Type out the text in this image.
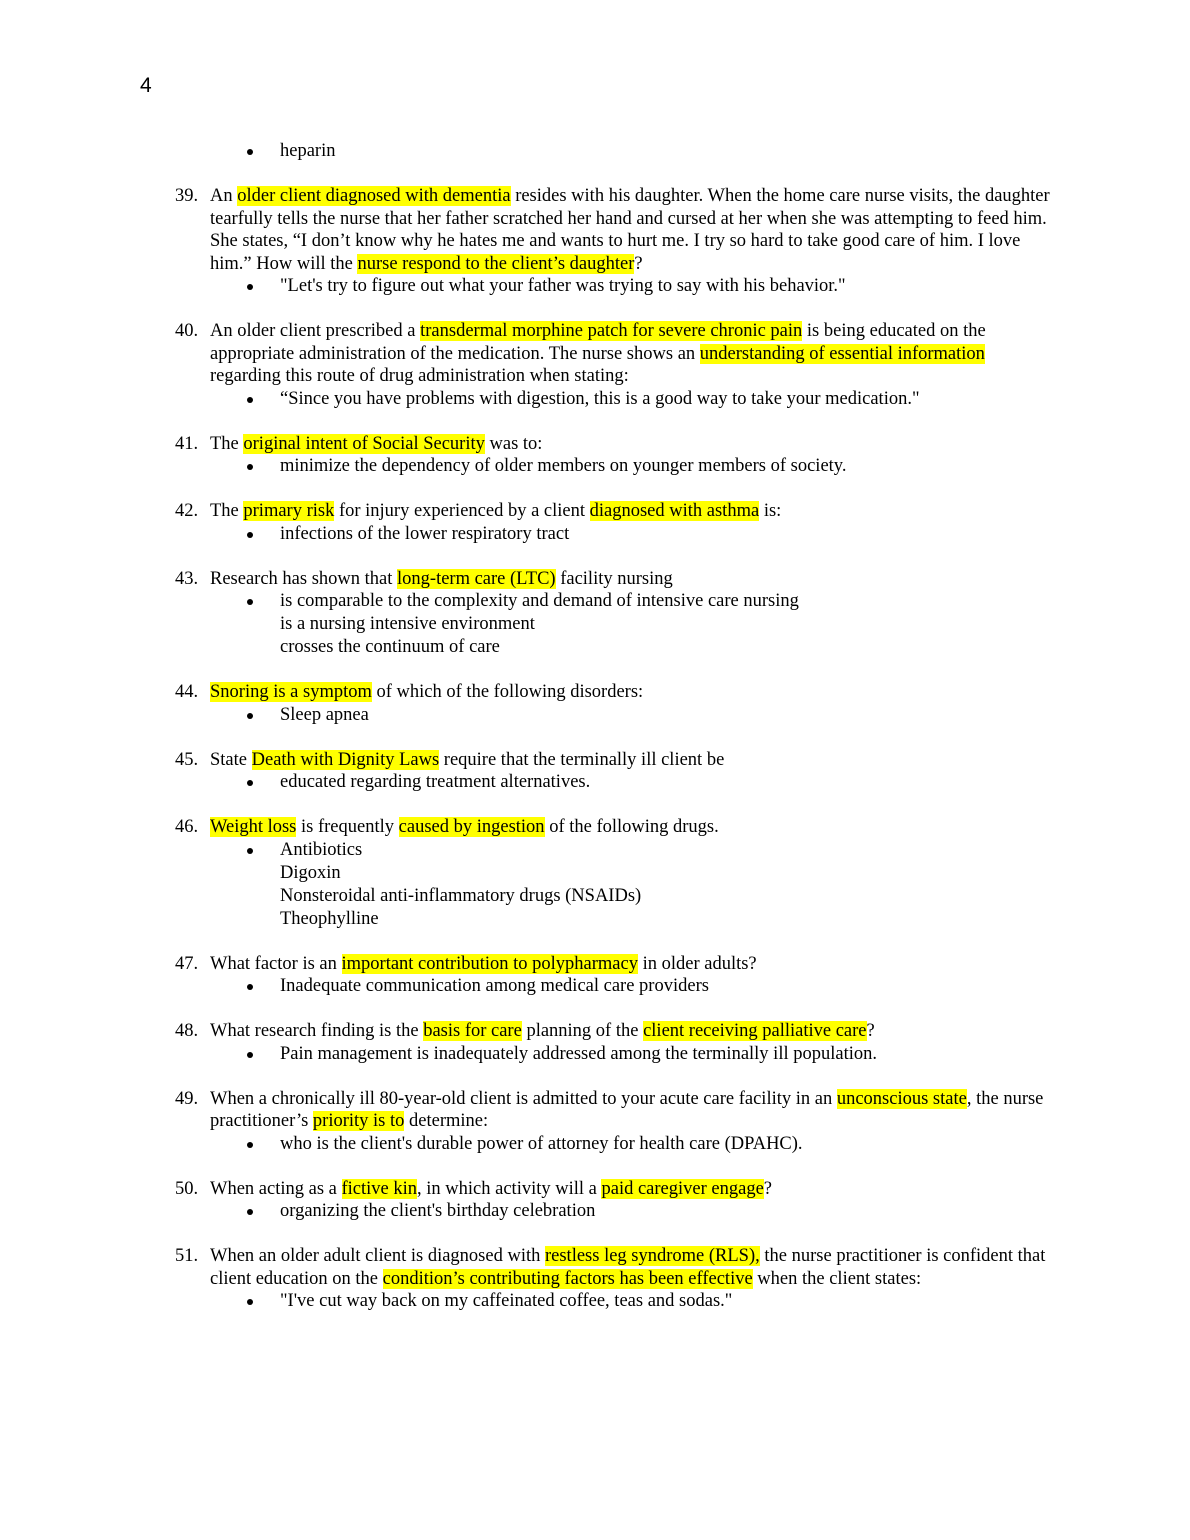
4
heparin
39. An older client diagnosed with dementia resides with his daughter. When the home care nurse visits, the daughter tearfully tells the nurse that her father scratched her hand and cursed at her when she was attempting to feed him. She states, “I don’t know why he hates me and wants to hurt me. I try so hard to take good care of him. I love him.” How will the nurse respond to the client’s daughter?
"Let's try to figure out what your father was trying to say with his behavior."
40. An older client prescribed a transdermal morphine patch for severe chronic pain is being educated on the appropriate administration of the medication. The nurse shows an understanding of essential information regarding this route of drug administration when stating:
“Since you have problems with digestion, this is a good way to take your medication."
41. The original intent of Social Security was to:
minimize the dependency of older members on younger members of society.
42. The primary risk for injury experienced by a client diagnosed with asthma is:
infections of the lower respiratory tract
43. Research has shown that long-term care (LTC) facility nursing
is comparable to the complexity and demand of intensive care nursing
is a nursing intensive environment
crosses the continuum of care
44. Snoring is a symptom of which of the following disorders:
Sleep apnea
45. State Death with Dignity Laws require that the terminally ill client be
educated regarding treatment alternatives.
46. Weight loss is frequently caused by ingestion of the following drugs.
Antibiotics
Digoxin
Nonsteroidal anti-inflammatory drugs (NSAIDs)
Theophylline
47. What factor is an important contribution to polypharmacy in older adults?
Inadequate communication among medical care providers
48. What research finding is the basis for care planning of the client receiving palliative care?
Pain management is inadequately addressed among the terminally ill population.
49. When a chronically ill 80-year-old client is admitted to your acute care facility in an unconscious state, the nurse practitioner’s priority is to determine:
who is the client's durable power of attorney for health care (DPAHC).
50. When acting as a fictive kin, in which activity will a paid caregiver engage?
organizing the client's birthday celebration
51. When an older adult client is diagnosed with restless leg syndrome (RLS), the nurse practitioner is confident that client education on the condition’s contributing factors has been effective when the client states:
"I've cut way back on my caffeinated coffee, teas and sodas."
